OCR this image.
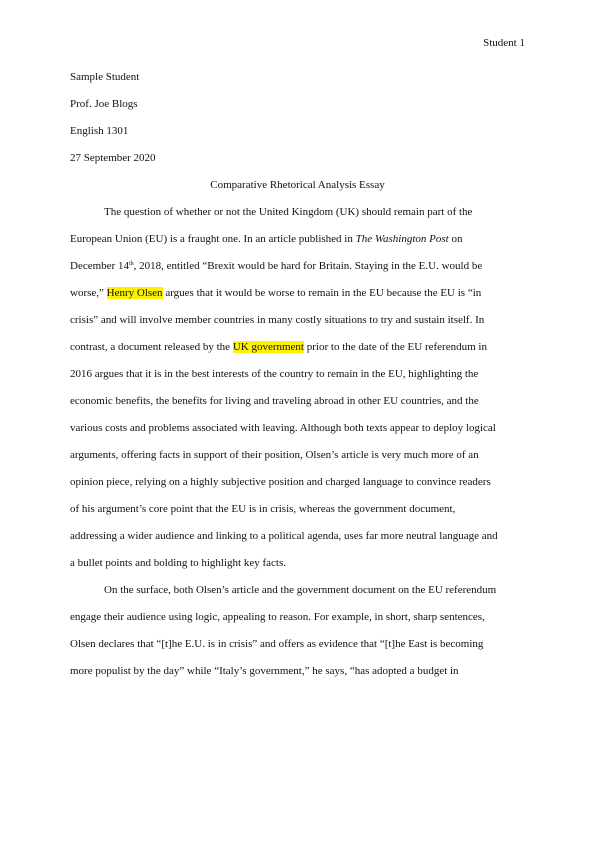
Student 1
Sample Student
Prof. Joe Blogs
English 1301
27 September 2020
Comparative Rhetorical Analysis Essay
The question of whether or not the United Kingdom (UK) should remain part of the
European Union (EU) is a fraught one. In an article published in The Washington Post on
December 14th, 2018, entitled “Brexit would be hard for Britain. Staying in the E.U. would be
worse,” Henry Olsen argues that it would be worse to remain in the EU because the EU is “in
crisis” and will involve member countries in many costly situations to try and sustain itself. In
contrast, a document released by the UK government prior to the date of the EU referendum in
2016 argues that it is in the best interests of the country to remain in the EU, highlighting the
economic benefits, the benefits for living and traveling abroad in other EU countries, and the
various costs and problems associated with leaving. Although both texts appear to deploy logical
arguments, offering facts in support of their position, Olsen’s article is very much more of an
opinion piece, relying on a highly subjective position and charged language to convince readers
of his argument’s core point that the EU is in crisis, whereas the government document,
addressing a wider audience and linking to a political agenda, uses far more neutral language and
a bullet points and bolding to highlight key facts.
On the surface, both Olsen’s article and the government document on the EU referendum
engage their audience using logic, appealing to reason. For example, in short, sharp sentences,
Olsen declares that “[t]he E.U. is in crisis” and offers as evidence that “[t]he East is becoming
more populist by the day” while “Italy’s government,” he says, “has adopted a budget in
